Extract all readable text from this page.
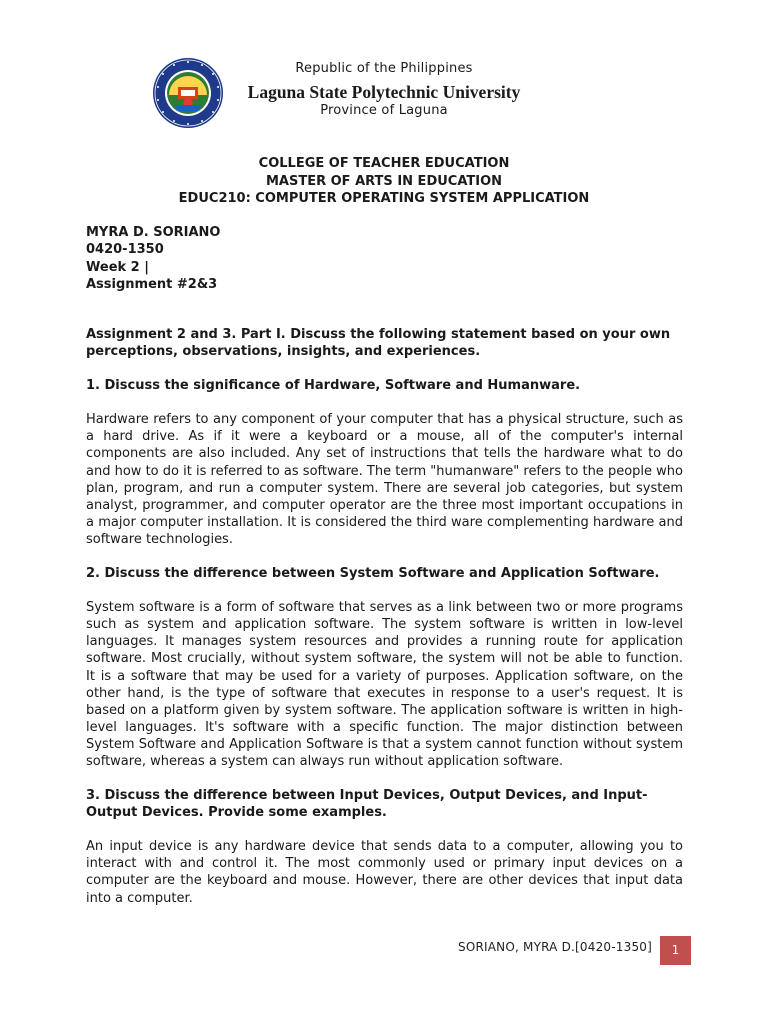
Republic of the Philippines
Laguna State Polytechnic University
Province of Laguna
COLLEGE OF TEACHER EDUCATION
MASTER OF ARTS IN EDUCATION
EDUC210: COMPUTER OPERATING SYSTEM APPLICATION
MYRA D. SORIANO
0420-1350
Week 2 |
Assignment #2&3

Assignment 2 and 3. Part I. Discuss the following statement based on your own perceptions, observations, insights, and experiences.

1. Discuss the significance of Hardware, Software and Humanware.

Hardware refers to any component of your computer that has a physical structure, such as a hard drive. As if it were a keyboard or a mouse, all of the computer's internal components are also included. Any set of instructions that tells the hardware what to do and how to do it is referred to as software. The term "humanware" refers to the people who plan, program, and run a computer system. There are several job categories, but system analyst, programmer, and computer operator are the three most important occupations in a major computer installation. It is considered the third ware complementing hardware and software technologies.

2. Discuss the difference between System Software and Application Software.

System software is a form of software that serves as a link between two or more programs such as system and application software. The system software is written in low-level languages. It manages system resources and provides a running route for application software. Most crucially, without system software, the system will not be able to function. It is a software that may be used for a variety of purposes. Application software, on the other hand, is the type of software that executes in response to a user's request. It is based on a platform given by system software. The application software is written in high-level languages. It's software with a specific function. The major distinction between System Software and Application Software is that a system cannot function without system software, whereas a system can always run without application software.

3. Discuss the difference between Input Devices, Output Devices, and Input-Output Devices. Provide some examples.

An input device is any hardware device that sends data to a computer, allowing you to interact with and control it. The most commonly used or primary input devices on a computer are the keyboard and mouse. However, there are other devices that input data into a computer.

SORIANO, MYRA D.[0420-1350]	1
